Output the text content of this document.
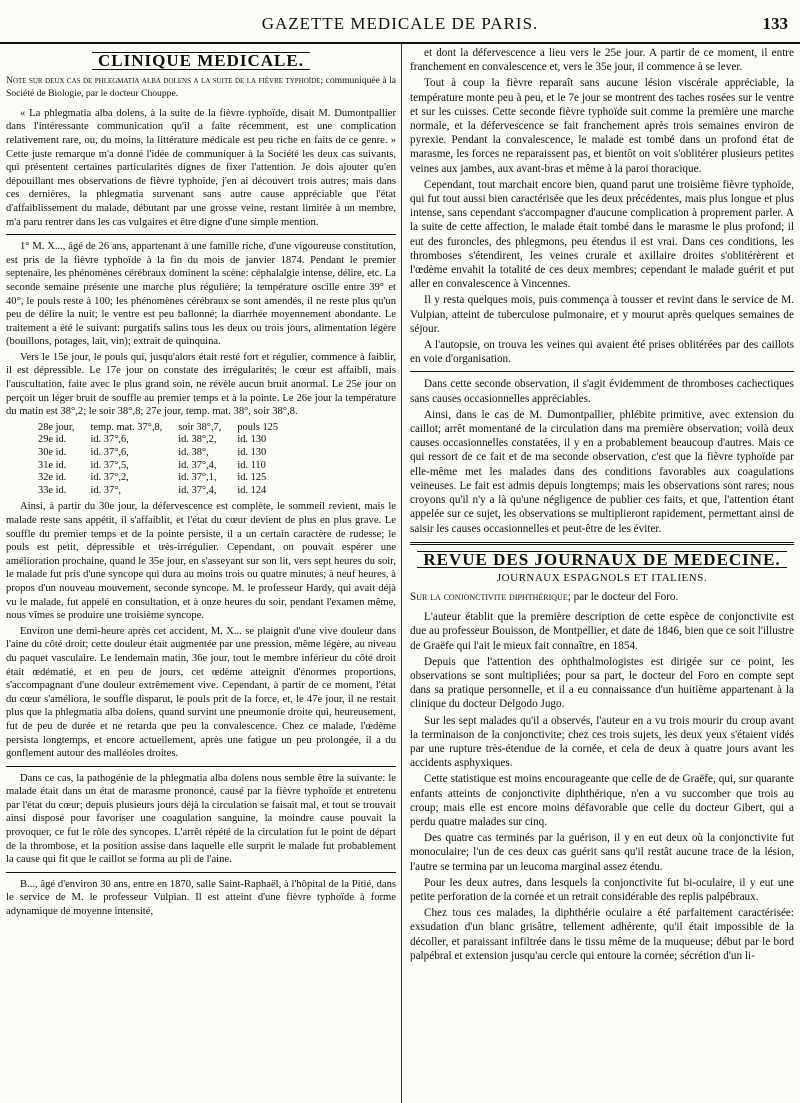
GAZETTE MEDICALE DE PARIS.	133
CLINIQUE MEDICALE.

Note sur deux cas de phlegmatia alba dolens a la suite de la fièvre typhoïde; communiquée à la Société de Biologie, par le docteur Chouppe.

« La phlegmatia alba dolens, à la suite de la fièvre typhoïde, disait M. Dumontpallier dans l'intéressante communication qu'il a faite récemment, est une complication relativement rare, ou, du moins, la littérature médicale est peu riche en faits de ce genre. » Cette juste remarque m'a donné l'idée de communiquer à la Société les deux cas suivants, qui présentent certaines particularités dignes de fixer l'attention. Je dois ajouter qu'en dépouillant mes observations de fièvre typhoïde, j'en ai découvert trois autres; mais dans ces dernières, la phlegmatia survenant sans autre cause appréciable que l'état d'affaiblissement du malade, débutant par une grosse veine, restant limitée à un membre, m'a paru rentrer dans les cas vulgaires et être digne d'une simple mention.

1° M. X..., âgé de 26 ans, appartenant à une famille riche, d'une vigoureuse constitution, est pris de la fièvre typhoïde à la fin du mois de janvier 1874. Pendant le premier septenaire, les phénomènes cérébraux dominent la scène: céphalalgie intense, délire, etc. La seconde semaine présente une marche plus régulière; la température oscille entre 39° et 40°, le pouls reste à 100; les phénomènes cérébraux se sont amendés, il ne reste plus qu'un peu de délire la nuit; le ventre est peu ballonné; la diarrhée moyennement abondante. Le traitement a été le suivant: purgatifs salins tous les deux ou trois jours, alimentation légère (bouillons, potages, lait, vin); extrait de quinquina.

Vers le 15e jour, le pouls qui, jusqu'alors était resté fort et régulier, commence à faiblir, il est dépressible. Le 17e jour on constate des irrégularités; le cœur est affaibli, mais l'auscultation, faite avec le plus grand soin, ne révèle aucun bruit anormal. Le 25e jour on perçoit un léger bruit de souffle au premier temps et à la pointe. Le 26e jour la température du matin est 38°,2; le soir 38°,8; 27e jour, temp. mat. 38°, soir 38°,8.

28e jour,	temp. mat. 37°,8,	soir 38°,7,	pouls 125
29e id.	id. 37°,6,	id. 38°,2,	id. 130
30e id.	id. 37°,6,	id. 38°,	id. 130
31e id.	id. 37°,5,	id. 37°,4,	id. 110
32e id.	id. 37°,2,	id. 37°,1,	id. 125
33e id.	id. 37°,	id. 37°,4,	id. 124

Ainsi, à partir du 30e jour, la défervescence est complète, le sommeil revient, mais le malade reste sans appétit, il s'affaiblit, et l'état du cœur devient de plus en plus grave. Le souffle du premier temps et de la pointe persiste, il a un certain caractère de rudesse; le pouls est petit, dépressible et très-irrégulier. Cependant, on pouvait espérer une amélioration prochaine, quand le 35e jour, en s'asseyant sur son lit, vers sept heures du soir, le malade fut pris d'une syncope qui dura au moins trois ou quatre minutes; à neuf heures, à propos d'un nouveau mouvement, seconde syncope. M. le professeur Hardy, qui avait déjà vu le malade, fut appelé en consultation, et à onze heures du soir, pendant l'examen même, nous vîmes se produire une troisième syncope.

Environ une demi-heure après cet accident, M. X... se plaignit d'une vive douleur dans l'aine du côté droit; cette douleur était augmentée par une pression, même légère, au niveau du paquet vasculaire. Le lendemain matin, 36e jour, tout le membre inférieur du côté droit était œdématié, et en peu de jours, cet œdème atteignit d'énormes proportions, s'accompagnant d'une douleur extrêmement vive. Cependant, à partir de ce moment, l'état du cœur s'améliora, le souffle disparut, le pouls prit de la force, et, le 47e jour, il ne restait plus que la phlegmatia alba dolens, quand survint une pneumonie droite qui, heureusement, fut de peu de durée et ne retarda que peu la convalescence. Chez ce malade, l'œdème persista longtemps, et encore actuellement, après une fatigue un peu prolongée, il a du gonflement autour des malléoles droites.

Dans ce cas, la pathogénie de la phlegmatia alba dolens nous semble être la suivante: le malade était dans un état de marasme prononcé, causé par la fièvre typhoïde et entretenu par l'état du cœur; depuis plusieurs jours déjà la circulation se faisait mal, et tout se trouvait ainsi disposé pour favoriser une coagulation sanguine, la moindre cause pouvait la provoquer, ce fut le rôle des syncopes. L'arrêt répété de la circulation fut le point de départ de la thrombose, et la position assise dans laquelle elle surprit le malade fut probablement la cause qui fit que le caillot se forma au pli de l'aine.

B..., âgé d'environ 30 ans, entre en 1870, salle Saint-Raphaël, à l'hôpital de la Pitié, dans le service de M. le professeur Vulpian. Il est atteint d'une fièvre typhoïde à forme adynamique de moyenne intensité,

et dont la défervescence a lieu vers le 25e jour. A partir de ce moment, il entre franchement en convalescence et, vers le 35e jour, il commence à se lever.

Tout à coup la fièvre reparaît sans aucune lésion viscérale appréciable, la température monte peu à peu, et le 7e jour se montrent des taches rosées sur le ventre et sur les cuisses. Cette seconde fièvre typhoïde suit comme la première une marche normale, et la défervescence se fait franchement après trois semaines environ de pyrexie. Pendant la convalescence, le malade est tombé dans un profond état de marasme, les forces ne reparaissent pas, et bientôt on voit s'oblitérer plusieurs petites veines aux jambes, aux avant-bras et même à la paroi thoracique.

Cependant, tout marchait encore bien, quand parut une troisième fièvre typhoïde, qui fut tout aussi bien caractérisée que les deux précédentes, mais plus longue et plus intense, sans cependant s'accompagner d'aucune complication à proprement parler. A la suite de cette affection, le malade était tombé dans le marasme le plus profond; il eut des furoncles, des phlegmons, peu étendus il est vrai. Dans ces conditions, les thromboses s'étendirent, les veines crurale et axillaire droites s'oblitérèrent et l'œdème envahit la totalité de ces deux membres; cependant le malade guérit et put aller en convalescence à Vincennes.

Il y resta quelques mois, puis commença à tousser et revint dans le service de M. Vulpian, atteint de tuberculose pulmonaire, et y mourut après quelques semaines de séjour.

A l'autopsie, on trouva les veines qui avaient été prises oblitérées par des caillots en voie d'organisation.

Dans cette seconde observation, il s'agit évidemment de thromboses cachectiques sans causes occasionnelles appréciables.

Ainsi, dans le cas de M. Dumontpallier, phlébite primitive, avec extension du caillot; arrêt momentané de la circulation dans ma première observation; voilà deux causes occasionnelles constatées, il y en a probablement beaucoup d'autres. Mais ce qui ressort de ce fait et de ma seconde observation, c'est que la fièvre typhoïde par elle-même met les malades dans des conditions favorables aux coagulations veineuses. Le fait est admis depuis longtemps; mais les observations sont rares; nous croyons qu'il n'y a là qu'une négligence de publier ces faits, et que, l'attention étant appelée sur ce sujet, les observations se multiplieront rapidement, permettant ainsi de saisir les causes occasionnelles et peut-être de les éviter.

REVUE DES JOURNAUX DE MEDECINE.
JOURNAUX ESPAGNOLS ET ITALIENS.

Sur la conjonctivite diphthérique; par le docteur del Foro.

L'auteur établit que la première description de cette espèce de conjonctivite est due au professeur Bouisson, de Montpellier, et date de 1846, bien que ce soit l'illustre de Graëfe qui l'ait le mieux fait connaître, en 1854.

Depuis que l'attention des ophthalmologistes est dirigée sur ce point, les observations se sont multipliées; pour sa part, le docteur del Foro en compte sept dans sa pratique personnelle, et il a eu connaissance d'un huitième appartenant à la clinique du docteur Delgodo Jugo.

Sur les sept malades qu'il a observés, l'auteur en a vu trois mourir du croup avant la terminaison de la conjonctivite; chez ces trois sujets, les deux yeux s'étaient vidés par une rupture très-étendue de la cornée, et cela de deux à quatre jours avant les accidents asphyxiques.

Cette statistique est moins encourageante que celle de de Graëfe, qui, sur quarante enfants atteints de conjonctivite diphthérique, n'en a vu succomber que trois au croup; mais elle est encore moins défavorable que celle du docteur Gibert, qui a perdu quatre malades sur cinq.

Des quatre cas terminés par la guérison, il y en eut deux où la conjonctivite fut monoculaire; l'un de ces deux cas guérit sans qu'il restât aucune trace de la lésion, l'autre se termina par un leucoma marginal assez étendu.

Pour les deux autres, dans lesquels la conjonctivite fut bi-oculaire, il y eut une petite perforation de la cornée et un retrait considérable des replis palpébraux.

Chez tous ces malades, la diphthérie oculaire a été parfaitement caractérisée: exsudation d'un blanc grisâtre, tellement adhérente, qu'il était impossible de la décoller, et paraissant infiltrée dans le tissu même de la muqueuse; début par le bord palpébral et extension jusqu'au cercle qui entoure la cornée; sécrétion d'un li-
